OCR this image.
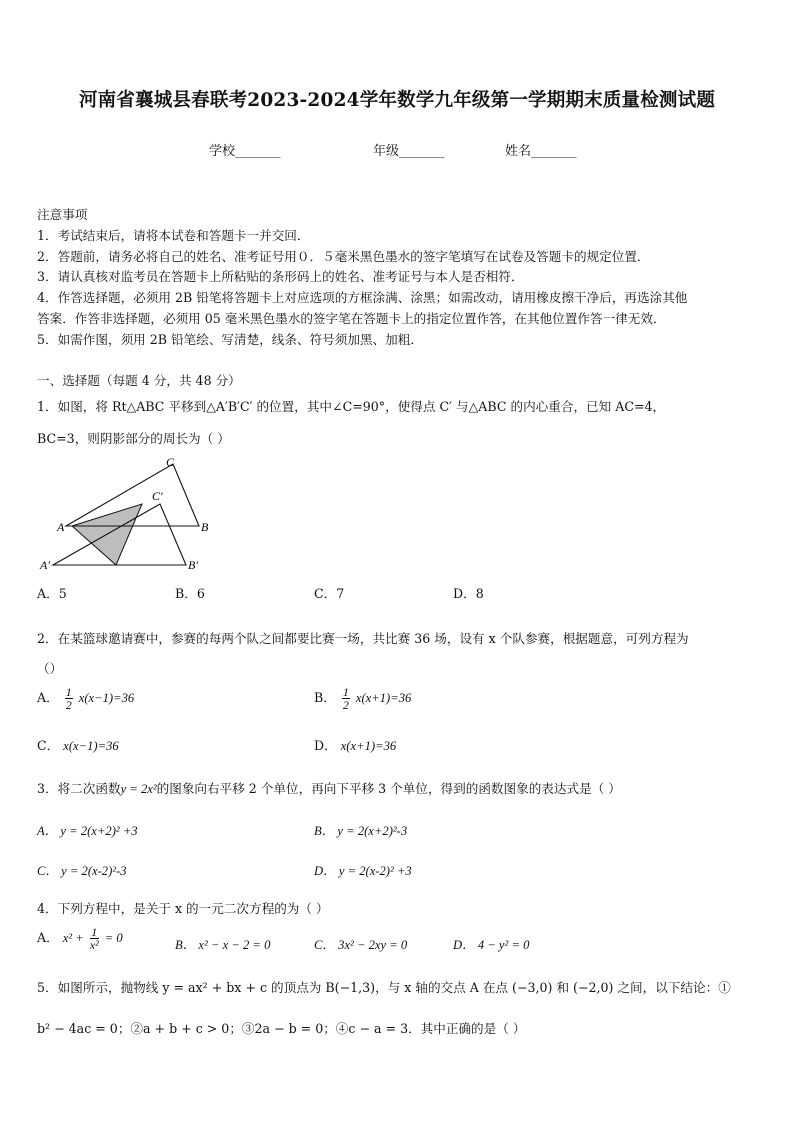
河南省襄城县春联考2023-2024学年数学九年级第一学期期末质量检测试题
学校_______	年级_______	姓名_______
注意事项
1．考试结束后，请将本试卷和答题卡一并交回．
2．答题前，请务必将自己的姓名、准考证号用０．５毫米黑色墨水的签字笔填写在试卷及答题卡的规定位置．
3．请认真核对监考员在答题卡上所粘贴的条形码上的姓名、准考证号与本人是否相符．
4．作答选择题，必须用 2B 铅笔将答题卡上对应选项的方框涂满、涂黑；如需改动，请用橡皮擦干净后，再选涂其他
答案．作答非选择题，必须用 05 毫米黑色墨水的签字笔在答题卡上的指定位置作答，在其他位置作答一律无效．
5．如需作图，须用 2B 铅笔绘、写清楚，线条、符号须加黑、加粗．
一、选择题（每题 4 分，共 48 分）
1．如图，将 Rt△ABC 平移到△A′B′C′ 的位置，其中∠C=90°，使得点 C′ 与△ABC 的内心重合，已知 AC=4，
BC=3，则阴影部分的周长为（ ）
C
C′
A	B
A′	B′
A．5	B．6	C．7	D．8
2．在某篮球邀请赛中，参赛的每两个队之间都要比赛一场，共比赛 36 场，设有 x 个队参赛，根据题意，可列方程为
（）
A． $\frac{1}{2} x(x-1)=36$	B． $\frac{1}{2} x(x+1)=36$
C． x(x−1)=36	D． x(x+1)=36
3．将二次函数y = 2x²的图象向右平移 2 个单位，再向下平移 3 个单位，得到的函数图象的表达式是（ ）
A． y = 2(x+2)² +3	B． y = 2(x+2)²-3
C． y = 2(x-2)²-3	D． y = 2(x-2)² +3
4．下列方程中，是关于 x 的一元二次方程的为（ ）
A． $x^2 + \frac{1}{\text{x²}} = 0$	B． x² − x − 2 = 0	C． 3x² − 2xy = 0	D． 4 − y² = 0
5．如图所示，抛物线 y = ax² + bx + c 的顶点为 B(−1,3)，与 x 轴的交点 A 在点 (−3,0) 和 (−2,0) 之间，以下结论：①
b² − 4ac = 0；②a + b + c > 0；③2a − b = 0；④c − a = 3．其中正确的是（ ）
